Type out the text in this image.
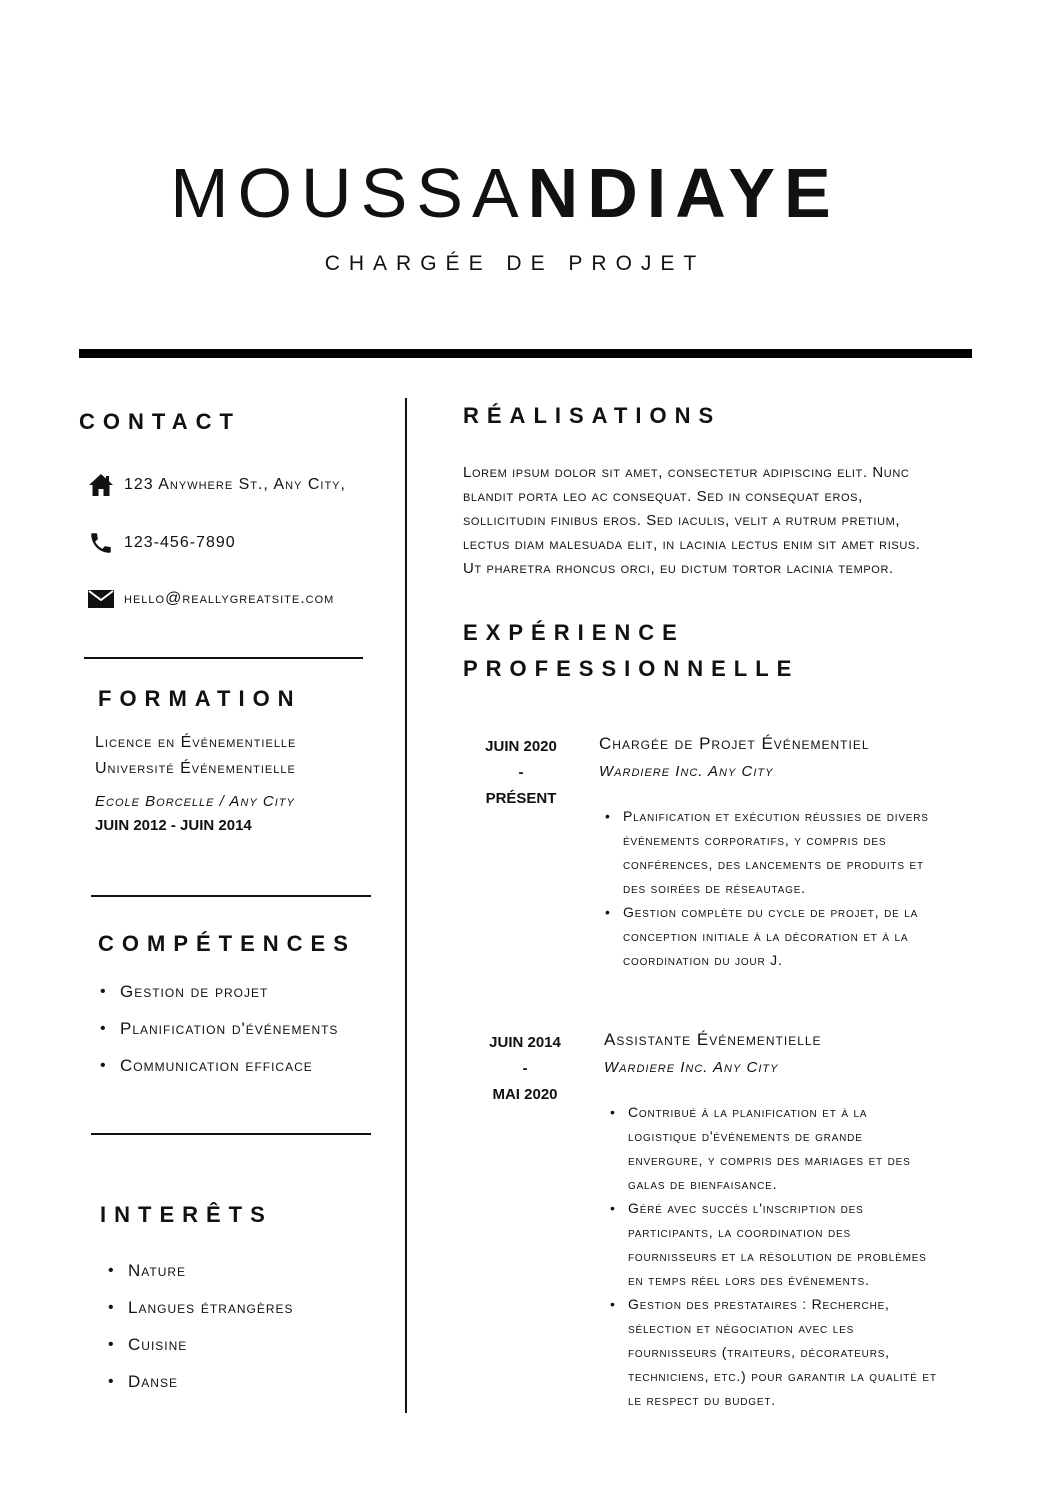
MOUSSANDIAYE
CHARGÉE DE PROJET
CONTACT
123 Anywhere St., Any City,
123-456-7890
hello@reallygreatsite.com
FORMATION
Licence en Événementielle
Université Événementielle
Ecole Borcelle / Any City
JUIN 2012 - JUIN 2014
COMPÉTENCES
• Gestion de projet
• Planification d'événements
• Communication efficace
INTERÊTS
• Nature
• Langues étrangères
• Cuisine
• Danse
RÉALISATIONS
Lorem ipsum dolor sit amet, consectetur adipiscing elit. Nunc
blandit porta leo ac consequat. Sed in consequat eros,
sollicitudin finibus eros. Sed iaculis, velit a rutrum pretium,
lectus diam malesuada elit, in lacinia lectus enim sit amet risus.
Ut pharetra rhoncus orci, eu dictum tortor lacinia tempor.
EXPÉRIENCE
PROFESSIONNELLE
JUIN 2020
-
PRÉSENT
Chargée de Projet Événementiel
Wardiere Inc. Any City
• Planification et exécution réussies de divers
événements corporatifs, y compris des
conférences, des lancements de produits et
des soirées de réseautage.
• Gestion complète du cycle de projet, de la
conception initiale à la décoration et à la
coordination du jour J.
JUIN 2014
-
MAI 2020
Assistante Événementielle
Wardiere Inc. Any City
• Contribué à la planification et à la
logistique d'événements de grande
envergure, y compris des mariages et des
galas de bienfaisance.
• Géré avec succès l'inscription des
participants, la coordination des
fournisseurs et la résolution de problèmes
en temps réel lors des événements.
• Gestion des prestataires : Recherche,
sélection et négociation avec les
fournisseurs (traiteurs, décorateurs,
techniciens, etc.) pour garantir la qualité et
le respect du budget.
